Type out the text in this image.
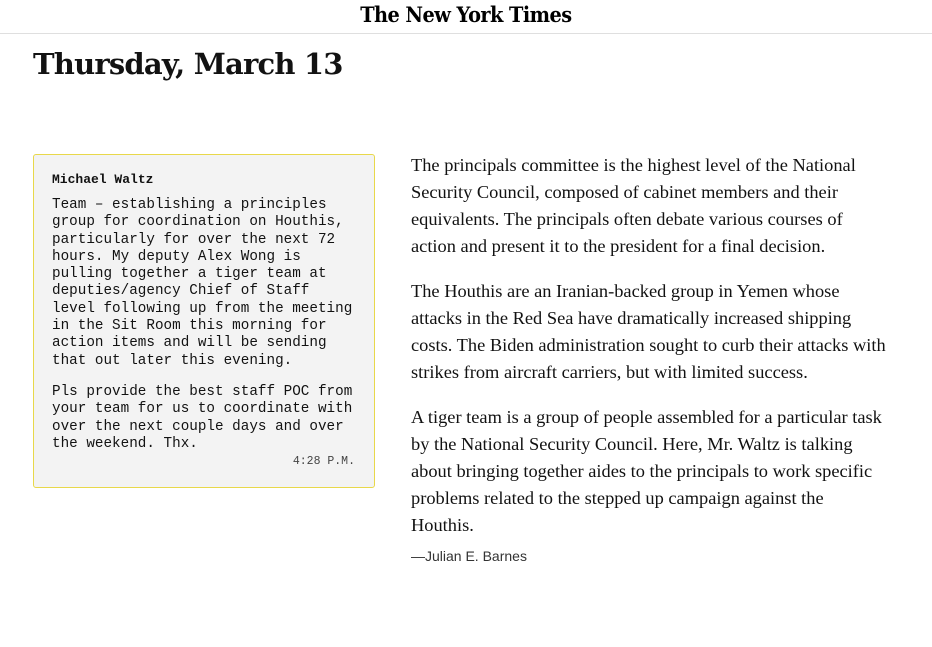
The New York Times
Thursday, March 13
Michael Waltz

Team – establishing a principles
group for coordination on Houthis,
particularly for over the next 72
hours. My deputy Alex Wong is
pulling together a tiger team at
deputies/agency Chief of Staff
level following up from the meeting
in the Sit Room this morning for
action items and will be sending
that out later this evening.

Pls provide the best staff POC from
your team for us to coordinate with
over the next couple days and over
the weekend. Thx.

4:28 P.M.

The principals committee is the highest level of the National Security Council, composed of cabinet members and their equivalents. The principals often debate various courses of action and present it to the president for a final decision.

The Houthis are an Iranian-backed group in Yemen whose attacks in the Red Sea have dramatically increased shipping costs. The Biden administration sought to curb their attacks with strikes from aircraft carriers, but with limited success.

A tiger team is a group of people assembled for a particular task by the National Security Council. Here, Mr. Waltz is talking about bringing together aides to the principals to work specific problems related to the stepped up campaign against the Houthis.

—Julian E. Barnes
